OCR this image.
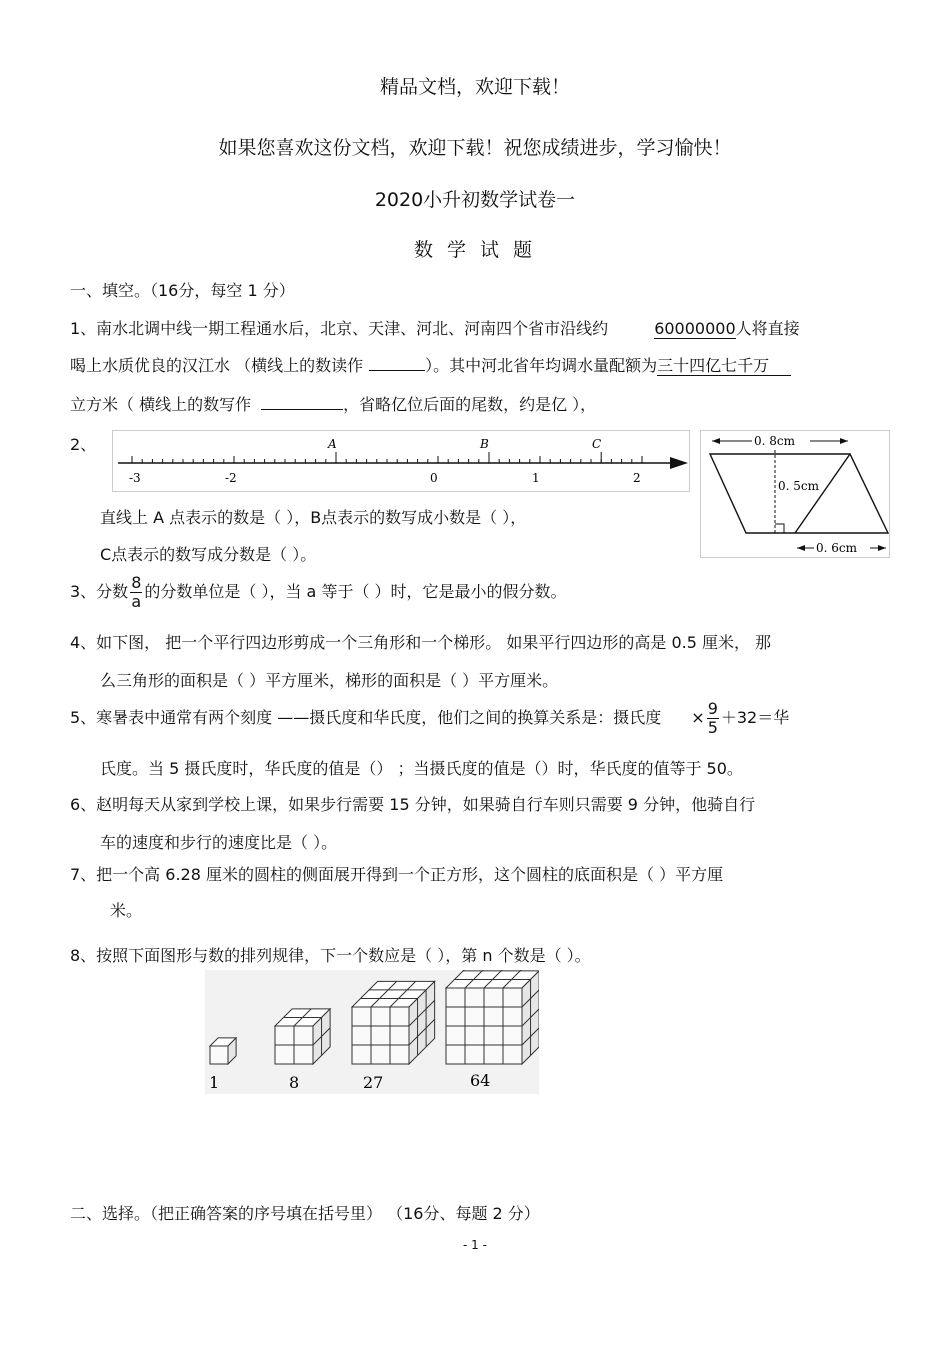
精品文档，欢迎下载！
如果您喜欢这份文档，欢迎下载！祝您成绩进步，学习愉快！
2020小升初数学试卷一
数 学 试 题
一、填空。（16分，每空 1 分）
1、南水北调中线一期工程通水后，北京、天津、河北、河南四个省市沿线约	60000000人将直接
喝上水质优良的汉江水 （横线上的数读作	）。其中河北省年均调水量配额为三十四亿七千万
立方米（ 横线上的数写作	，省略亿位后面的尾数，约是亿 ），
2、
-3	-2	0	1	2
A	B	C	0. 8cm
0. 5cm
0. 6cm
直线上 A 点表示的数是（ ），B点表示的数写成小数是（ ），
C点表示的数写成分数是（ ）。
3、分数 $\frac{8}{a}$ 的分数单位是（ ），当 a 等于（ ）时，它是最小的假分数。
4、如下图， 把一个平行四边形剪成一个三角形和一个梯形。 如果平行四边形的高是 0.5 厘米， 那
么三角形的面积是（ ）平方厘米，梯形的面积是（ ）平方厘米。
5、寒暑表中通常有两个刻度 ——摄氏度和华氏度，他们之间的换算关系是：摄氏度 × $\frac{9}{5} +32=$华
氏度。当 5 摄氏度时，华氏度的值是（） ；当摄氏度的值是（）时，华氏度的值等于 50。
6、赵明每天从家到学校上课，如果步行需要 15 分钟，如果骑自行车则只需要 9 分钟，他骑自行
车的速度和步行的速度比是（ ）。
7、把一个高 6.28 厘米的圆柱的侧面展开得到一个正方形，这个圆柱的底面积是（ ）平方厘
米。
8、按照下面图形与数的排列规律，下一个数应是（ ），第 n 个数是（ ）。
1	8	27	64
二、选择。（把正确答案的序号填在括号里） （16分、每题 2 分）
- 1 -
